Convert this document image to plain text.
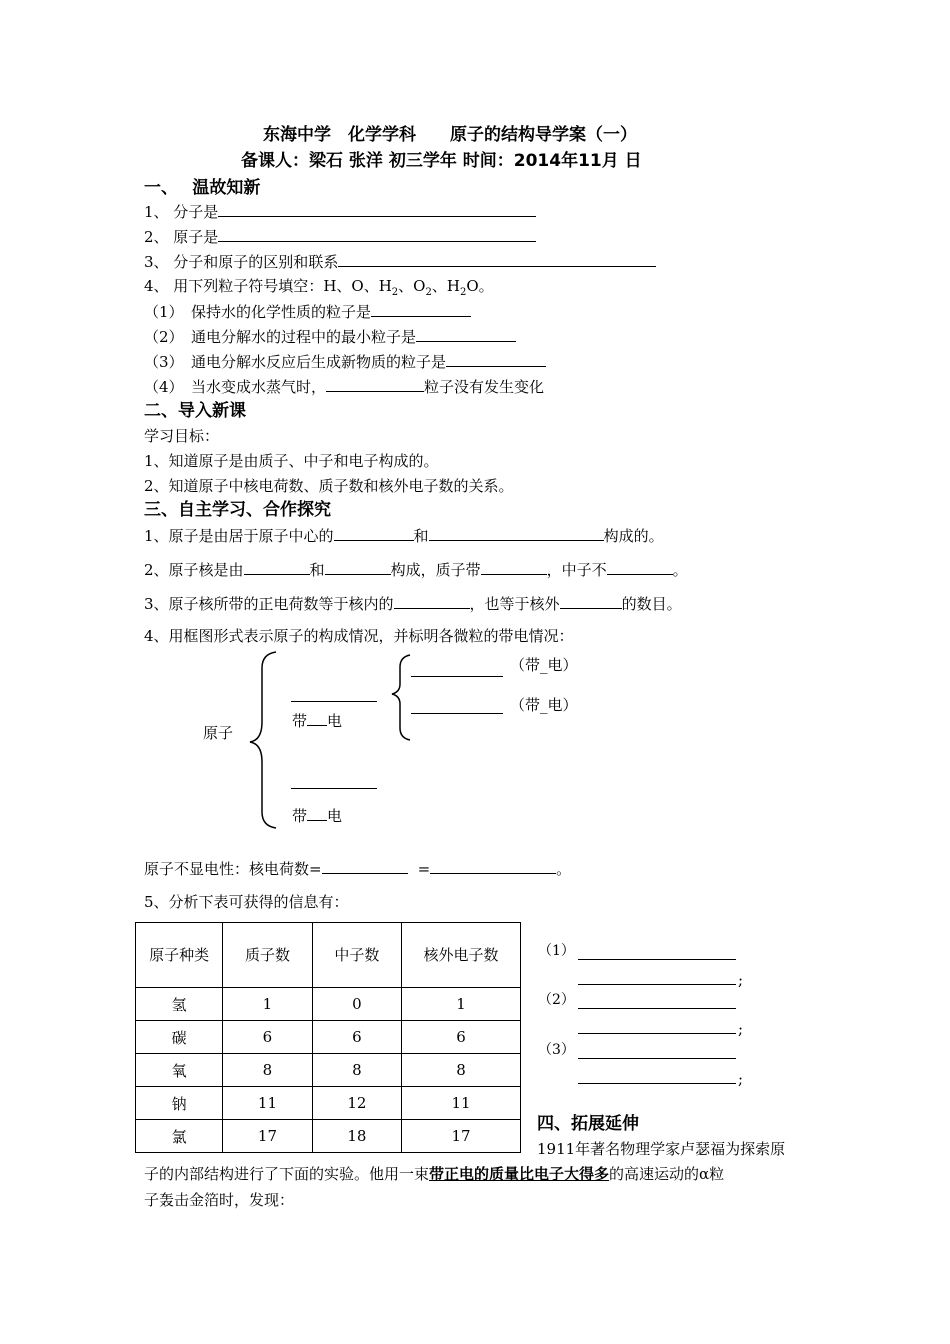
东海中学　化学学科　　原子的结构导学案（一）
备课人：梁石 张洋 初三学年 时间：2014年11月 日
一、　 温故知新
1、 分子是
2、 原子是
3、 分子和原子的区别和联系
4、 用下列粒子符号填空：H、O、$H_2$、$O_2$、$H_2O$。
（1）　保持水的化学性质的粒子是
（2）　通电分解水的过程中的最小粒子是
（3）　通电分解水反应后生成新物质的粒子是
（4）　当水变成水蒸气时，	粒子没有发生变化
二、导入新课
学习目标：
1、知道原子是由质子、中子和电子构成的。
2、知道原子中核电荷数、质子数和核外电子数的关系。
三、自主学习、合作探究
1、原子是由居于原子中心的	和	构成的。
2、原子核是由	和	构成，质子带	，中子不	。
3、原子核所带的正电荷数等于核内的	，也等于核外	的数目。
4、用框图形式表示原子的构成情况，并标明各微粒的带电情况：
原子
带 电
带 电
（带_电）
（带_电）
原子不显电性：核电荷数=	=	。
5、分析下表可获得的信息有：
原子种类	质子数	中子数	核外电子数
氢	1	0	1
碳	6	6	6
氧	8	8	8
钠	11	12	11
氯	17	18	17
（1）
;
（2）
;
（3）
;
四、拓展延伸
1911年著名物理学家卢瑟福为探索原
子的内部结构进行了下面的实验。他用一束带正电的质量比电子大得多的高速运动的α粒
子轰击金箔时，发现：
